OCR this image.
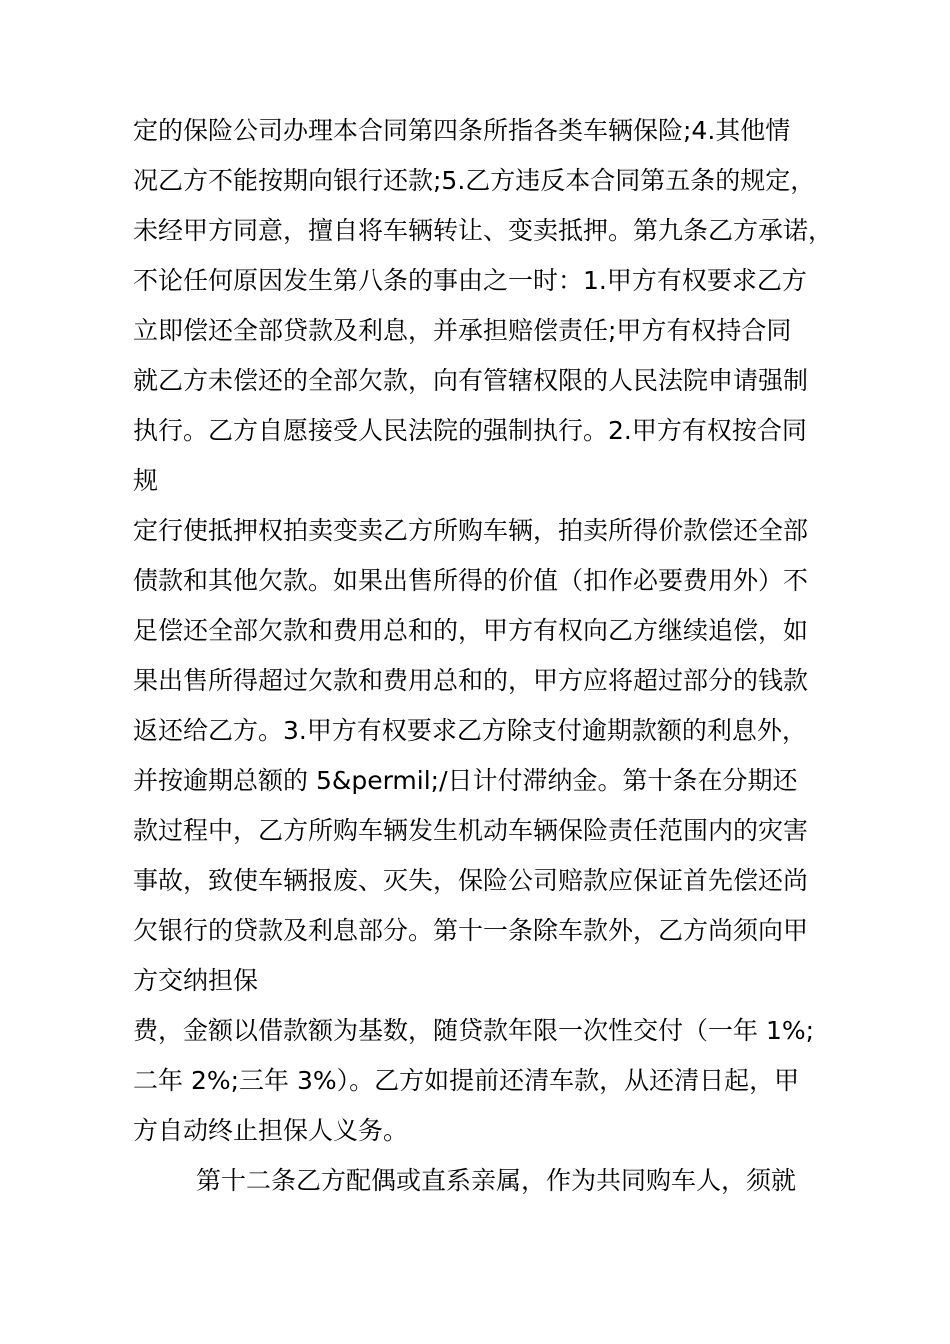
定的保险公司办理本合同第四条所指各类车辆保险;4.其他情
况乙方不能按期向银行还款;5.乙方违反本合同第五条的规定，
未经甲方同意，擅自将车辆转让、变卖抵押。第九条乙方承诺，
不论任何原因发生第八条的事由之一时：1.甲方有权要求乙方
立即偿还全部贷款及利息，并承担赔偿责任;甲方有权持合同
就乙方未偿还的全部欠款，向有管辖权限的人民法院申请强制
执行。乙方自愿接受人民法院的强制执行。2.甲方有权按合同
规
定行使抵押权拍卖变卖乙方所购车辆，拍卖所得价款偿还全部
债款和其他欠款。如果出售所得的价值（扣作必要费用外）不
足偿还全部欠款和费用总和的，甲方有权向乙方继续追偿，如
果出售所得超过欠款和费用总和的，甲方应将超过部分的钱款
返还给乙方。3.甲方有权要求乙方除支付逾期款额的利息外，
并按逾期总额的 5&permil;/日计付滞纳金。第十条在分期还
款过程中，乙方所购车辆发生机动车辆保险责任范围内的灾害
事故，致使车辆报废、灭失，保险公司赔款应保证首先偿还尚
欠银行的贷款及利息部分。第十一条除车款外，乙方尚须向甲
方交纳担保
费，金额以借款额为基数，随贷款年限一次性交付（一年 1%;
二年 2%;三年 3%）。乙方如提前还清车款，从还清日起，甲
方自动终止担保人义务。
第十二条乙方配偶或直系亲属，作为共同购车人，须就
